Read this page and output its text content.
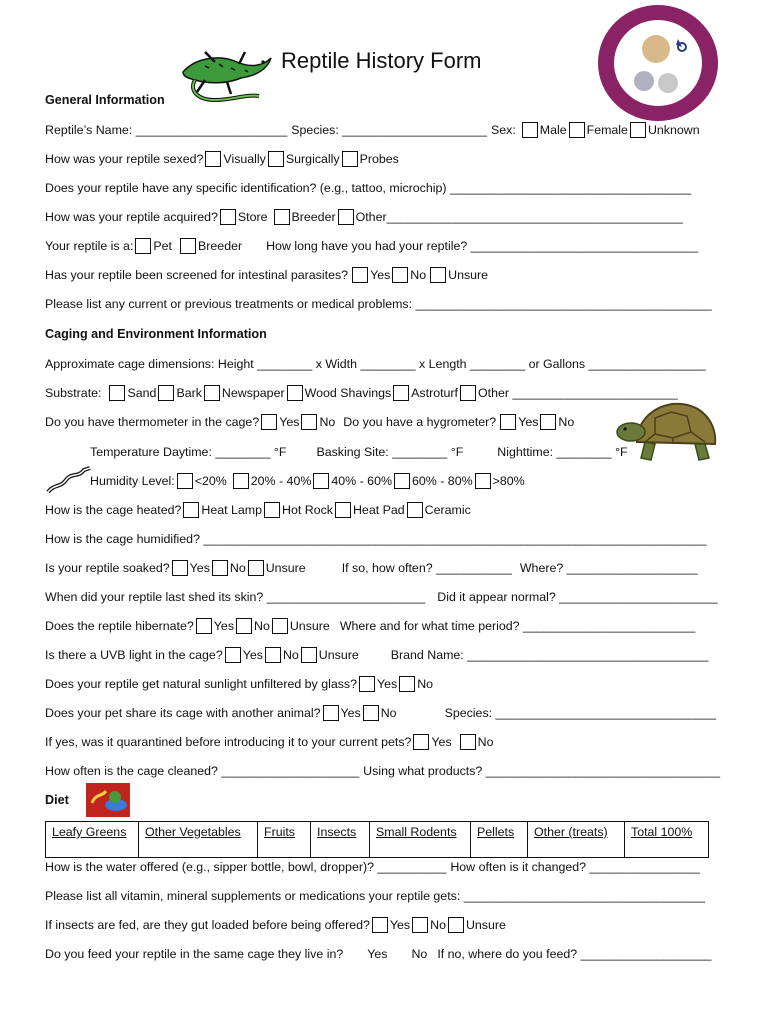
Reptile History Form
General Information
Reptile’s Name: ______________________ Species: _____________________ Sex: Male Female Unknown
How was your reptile sexed? Visually Surgically Probes
Does your reptile have any specific identification? (e.g., tattoo, microchip) ___________________________________
How was your reptile acquired? Store Breeder Other___________________________________________
Your reptile is a: Pet Breeder How long have you had your reptile? _________________________________
Has your reptile been screened for intestinal parasites? Yes No Unsure
Please list any current or previous treatments or medical problems: ___________________________________________
Caging and Environment Information
Approximate cage dimensions: Height ________ x Width ________ x Length ________ or Gallons _________________
Substrate: Sand Bark Newspaper Wood Shavings Astroturf Other ________________________
Do you have thermometer in the cage? Yes No Do you have a hygrometer? Yes No
Temperature Daytime: ________ °F Basking Site: ________ °F	Nighttime: ________ °F
Humidity Level: <20% 20% - 40% 40% - 60% 60% - 80% >80%
How is the cage heated? Heat Lamp Hot Rock Heat Pad Ceramic
How is the cage humidified? _________________________________________________________________________
Is your reptile soaked? Yes No Unsure	If so, how often? ___________ Where? ___________________
When did your reptile last shed its skin? _______________________ Did it appear normal? _______________________
Does the reptile hibernate? Yes No Unsure Where and for what time period? _________________________
Is there a UVB light in the cage? Yes No Unsure	Brand Name: ___________________________________
Does your reptile get natural sunlight unfiltered by glass? Yes No
Does your pet share its cage with another animal? Yes No	Species: ________________________________
If yes, was it quarantined before introducing it to your current pets? Yes No
How often is the cage cleaned? ____________________ Using what products? __________________________________
Diet
Leafy Greens	Other Vegetables	Fruits	Insects	Small Rodents	Pellets	Other (treats)	Total 100%
How is the water offered (e.g., sipper bottle, bowl, dropper)? __________ How often is it changed? ________________
Please list all vitamin, mineral supplements or medications your reptile gets: ___________________________________
If insects are fed, are they gut loaded before being offered? Yes No Unsure
Do you feed your reptile in the same cage they live in? Yes No If no, where do you feed? ___________________
